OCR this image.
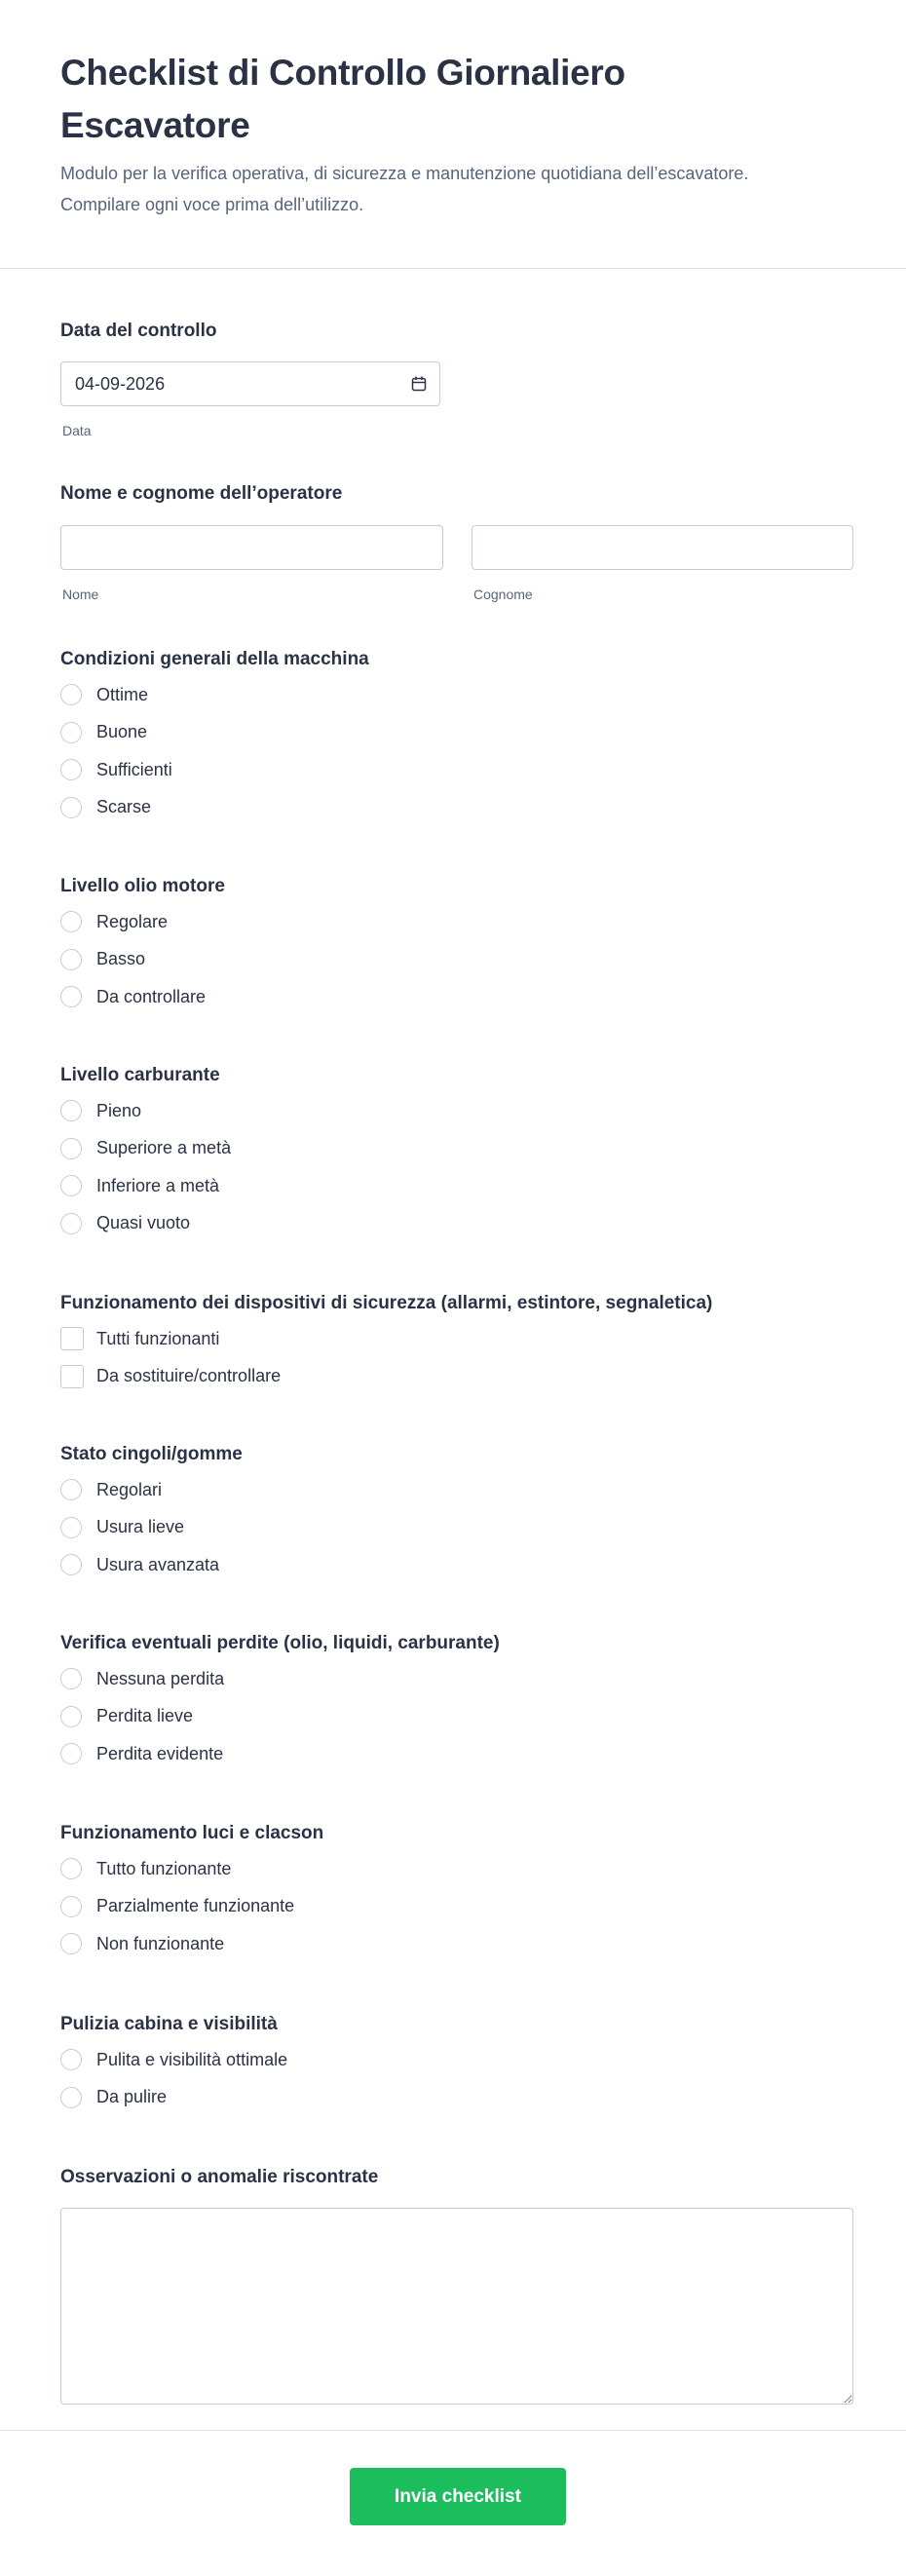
Checklist di Controllo Giornaliero Escavatore

Modulo per la verifica operativa, di sicurezza e manutenzione quotidiana dell’escavatore. Compilare ogni voce prima dell’utilizzo.

Data del controllo
04-09-2026
Data
Nome e cognome dell’operatore
Nome	Cognome
Condizioni generali della macchina
Ottime
Buone
Sufficienti
Scarse
Livello olio motore
Regolare
Basso
Da controllare
Livello carburante
Pieno
Superiore a metà
Inferiore a metà
Quasi vuoto
Funzionamento dei dispositivi di sicurezza (allarmi, estintore, segnaletica)
Tutti funzionanti
Da sostituire/controllare
Stato cingoli/gomme
Regolari
Usura lieve
Usura avanzata
Verifica eventuali perdite (olio, liquidi, carburante)
Nessuna perdita
Perdita lieve
Perdita evidente
Funzionamento luci e clacson
Tutto funzionante
Parzialmente funzionante
Non funzionante
Pulizia cabina e visibilità
Pulita e visibilità ottimale
Da pulire
Osservazioni o anomalie riscontrate
Invia checklist
